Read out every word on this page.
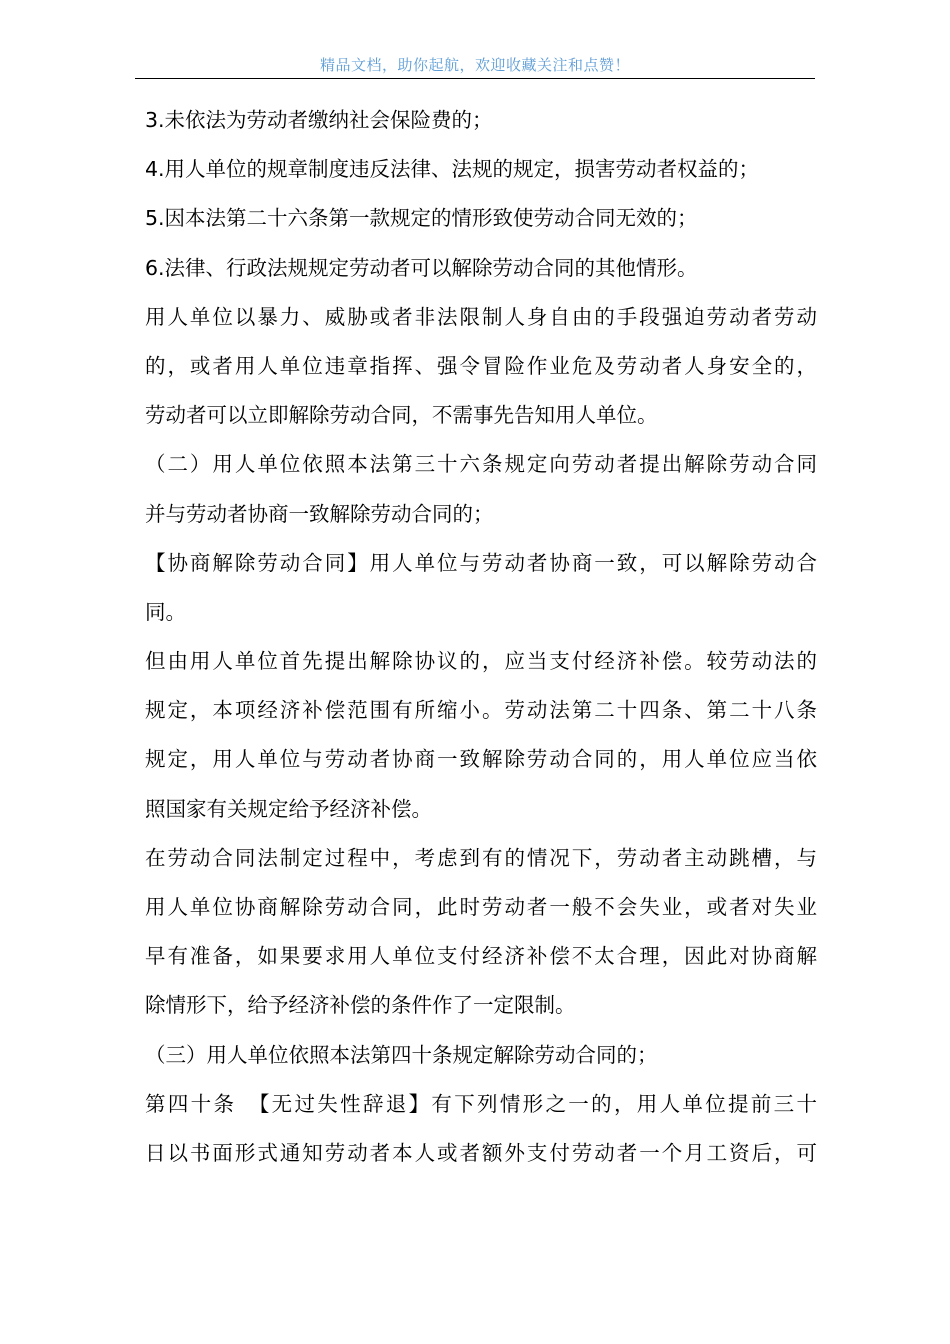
精品文档，助你起航，欢迎收藏关注和点赞！
3.未依法为劳动者缴纳社会保险费的；
4.用人单位的规章制度违反法律、法规的规定，损害劳动者权益的；
5.因本法第二十六条第一款规定的情形致使劳动合同无效的；
6.法律、行政法规规定劳动者可以解除劳动合同的其他情形。
用人单位以暴力、威胁或者非法限制人身自由的手段强迫劳动者劳动
的，或者用人单位违章指挥、强令冒险作业危及劳动者人身安全的，
劳动者可以立即解除劳动合同，不需事先告知用人单位。
（二）用人单位依照本法第三十六条规定向劳动者提出解除劳动合同
并与劳动者协商一致解除劳动合同的；
【协商解除劳动合同】用人单位与劳动者协商一致，可以解除劳动合
同。
但由用人单位首先提出解除协议的，应当支付经济补偿。较劳动法的
规定，本项经济补偿范围有所缩小。劳动法第二十四条、第二十八条
规定，用人单位与劳动者协商一致解除劳动合同的，用人单位应当依
照国家有关规定给予经济补偿。
在劳动合同法制定过程中，考虑到有的情况下，劳动者主动跳槽，与
用人单位协商解除劳动合同，此时劳动者一般不会失业，或者对失业
早有准备，如果要求用人单位支付经济补偿不太合理，因此对协商解
除情形下，给予经济补偿的条件作了一定限制。
（三）用人单位依照本法第四十条规定解除劳动合同的；
第四十条　【无过失性辞退】有下列情形之一的，用人单位提前三十
日以书面形式通知劳动者本人或者额外支付劳动者一个月工资后，可
